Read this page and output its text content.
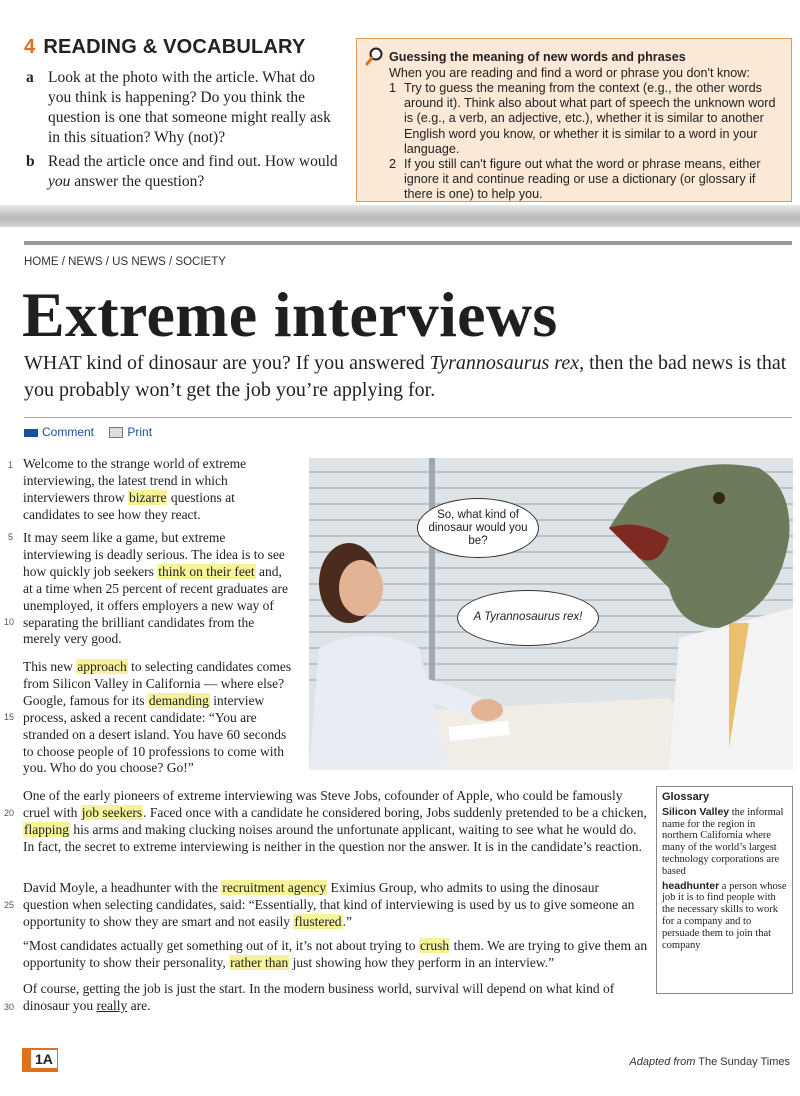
4 READING & VOCABULARY
a Look at the photo with the article. What do you think is happening? Do you think the question is one that someone might really ask in this situation? Why (not)?
b Read the article once and find out. How would you answer the question?
Guessing the meaning of new words and phrases
When you are reading and find a word or phrase you don't know:
1 Try to guess the meaning from the context (e.g., the other words around it). Think also about what part of speech the unknown word is (e.g., a verb, an adjective, etc.), whether it is similar to another English word you know, or whether it is similar to a word in your language.
2 If you still can't figure out what the word or phrase means, either ignore it and continue reading or use a dictionary (or glossary if there is one) to help you.
HOME / NEWS / US NEWS / SOCIETY
Extreme interviews
WHAT kind of dinosaur are you? If you answered Tyrannosaurus rex, then the bad news is that you probably won’t get the job you’re applying for.
Comment	Print
1
5
10
15
20
25
30
Welcome to the strange world of extreme interviewing, the latest trend in which interviewers throw bizarre questions at candidates to see how they react.
It may seem like a game, but extreme interviewing is deadly serious. The idea is to see how quickly job seekers think on their feet and, at a time when 25 percent of recent graduates are unemployed, it offers employers a new way of separating the brilliant candidates from the merely very good.
This new approach to selecting candidates comes from Silicon Valley in California — where else? Google, famous for its demanding interview process, asked a recent candidate: “You are stranded on a desert island. You have 60 seconds to choose people of 10 professions to come with you. Who do you choose? Go!”
So, what kind of dinosaur would you be?
A Tyrannosaurus rex!
One of the early pioneers of extreme interviewing was Steve Jobs, cofounder of Apple, who could be famously cruel with job seekers. Faced once with a candidate he considered boring, Jobs suddenly pretended to be a chicken, flapping his arms and making clucking noises around the unfortunate applicant, waiting to see what he would do. In fact, the secret to extreme interviewing is neither in the question nor the answer. It is in the candidate’s reaction.
David Moyle, a headhunter with the recruitment agency Eximius Group, who admits to using the dinosaur question when selecting candidates, said: “Essentially, that kind of interviewing is used by us to give someone an opportunity to show they are smart and not easily flustered.”
“Most candidates actually get something out of it, it’s not about trying to crush them. We are trying to give them an opportunity to show their personality, rather than just showing how they perform in an interview.”
Of course, getting the job is just the start. In the modern business world, survival will depend on what kind of dinosaur you really are.
Glossary
Silicon Valley the informal name for the region in northern California where many of the world’s largest technology corporations are based
headhunter a person whose job it is to find people with the necessary skills to work for a company and to persuade them to join that company
1A	Adapted from The Sunday Times
